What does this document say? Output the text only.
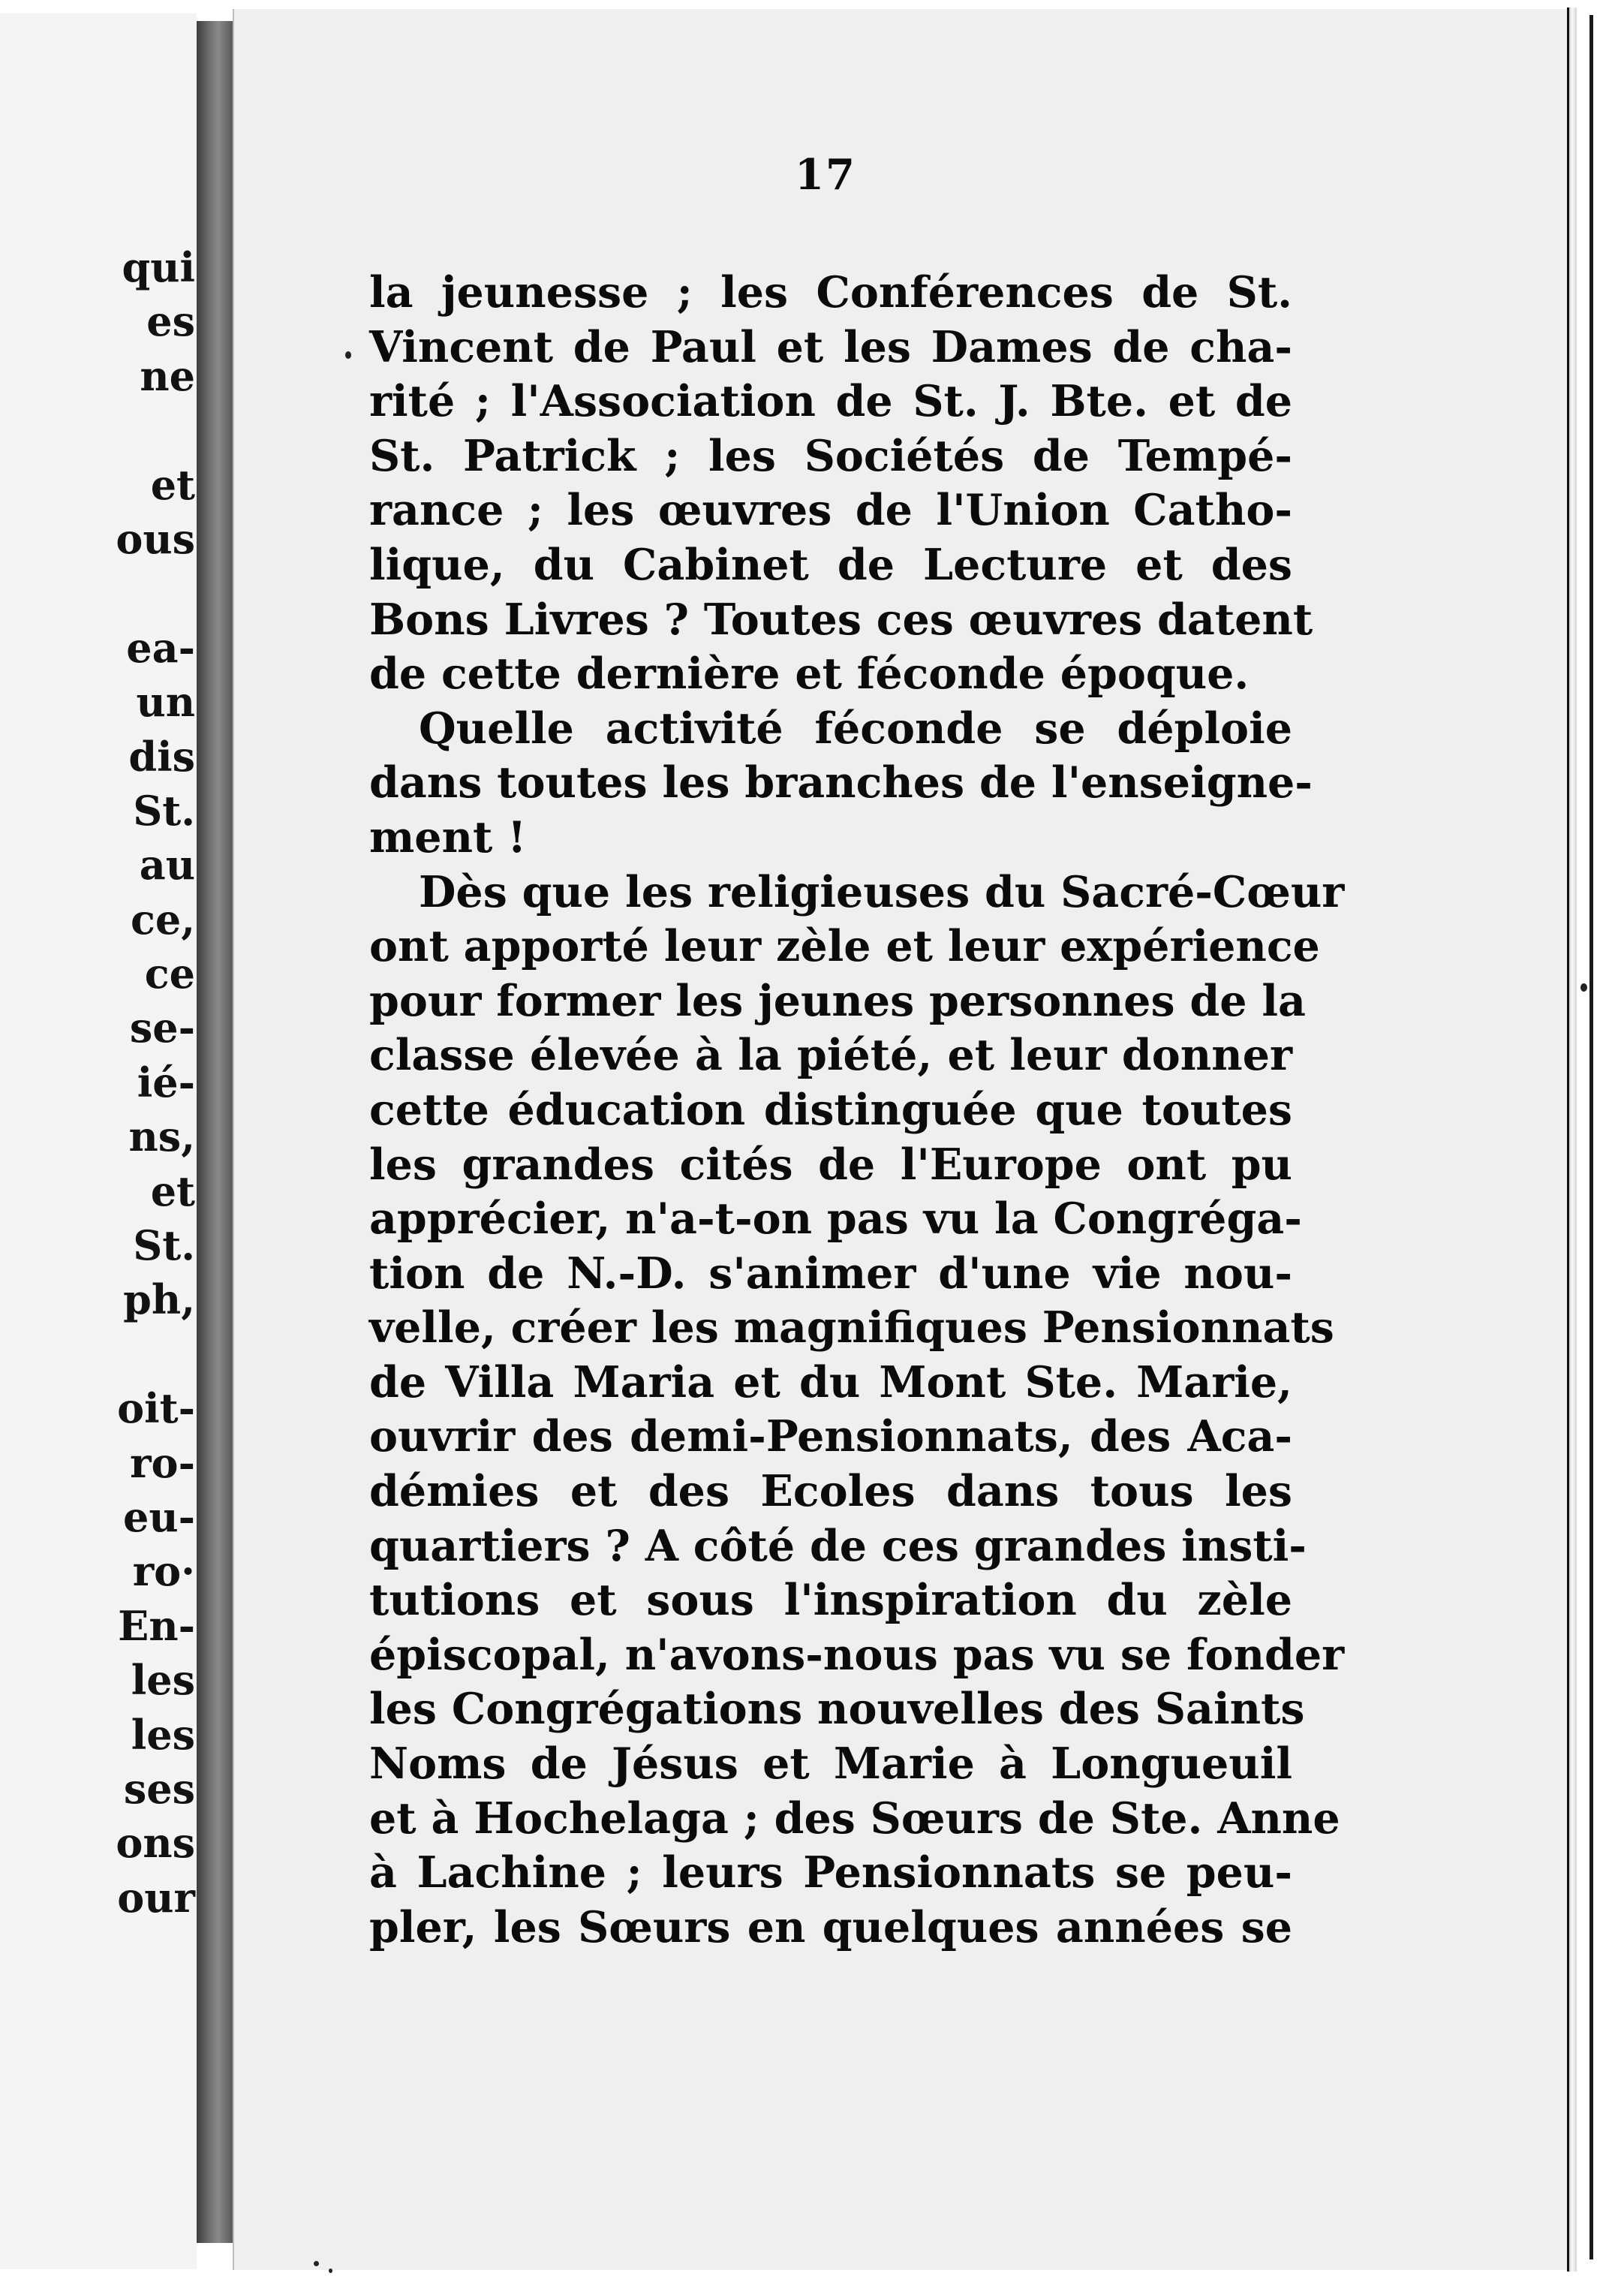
qui
es
ne
et
ous
ea-
un
dis
St.
au
ce,
ce
se-
ié-
ns,
et
St.
ph,
oit-
ro-
eu-
ro·
En-
les
les
ses
ons
our
17
la jeunesse ; les Conférences de St.
Vincent de Paul et les Dames de cha-
rité ; l'Association de St. J. Bte. et de
St. Patrick ; les Sociétés de Tempé-
rance ; les œuvres de l'Union Catho-
lique, du Cabinet de Lecture et des
Bons Livres ? Toutes ces œuvres datent
de cette dernière et féconde époque.
Quelle activité féconde se déploie
dans toutes les branches de l'enseigne-
ment !
Dès que les religieuses du Sacré-Cœur
ont apporté leur zèle et leur expérience
pour former les jeunes personnes de la
classe élevée à la piété, et leur donner
cette éducation distinguée que toutes
les grandes cités de l'Europe ont pu
apprécier, n'a-t-on pas vu la Congréga-
tion de N.-D. s'animer d'une vie nou-
velle, créer les magnifiques Pensionnats
de Villa Maria et du Mont Ste. Marie,
ouvrir des demi-Pensionnats, des Aca-
démies et des Ecoles dans tous les
quartiers ? A côté de ces grandes insti-
tutions et sous l'inspiration du zèle
épiscopal, n'avons-nous pas vu se fonder
les Congrégations nouvelles des Saints
Noms de Jésus et Marie à Longueuil
et à Hochelaga ; des Sœurs de Ste. Anne
à Lachine ; leurs Pensionnats se peu-
pler, les Sœurs en quelques années se
